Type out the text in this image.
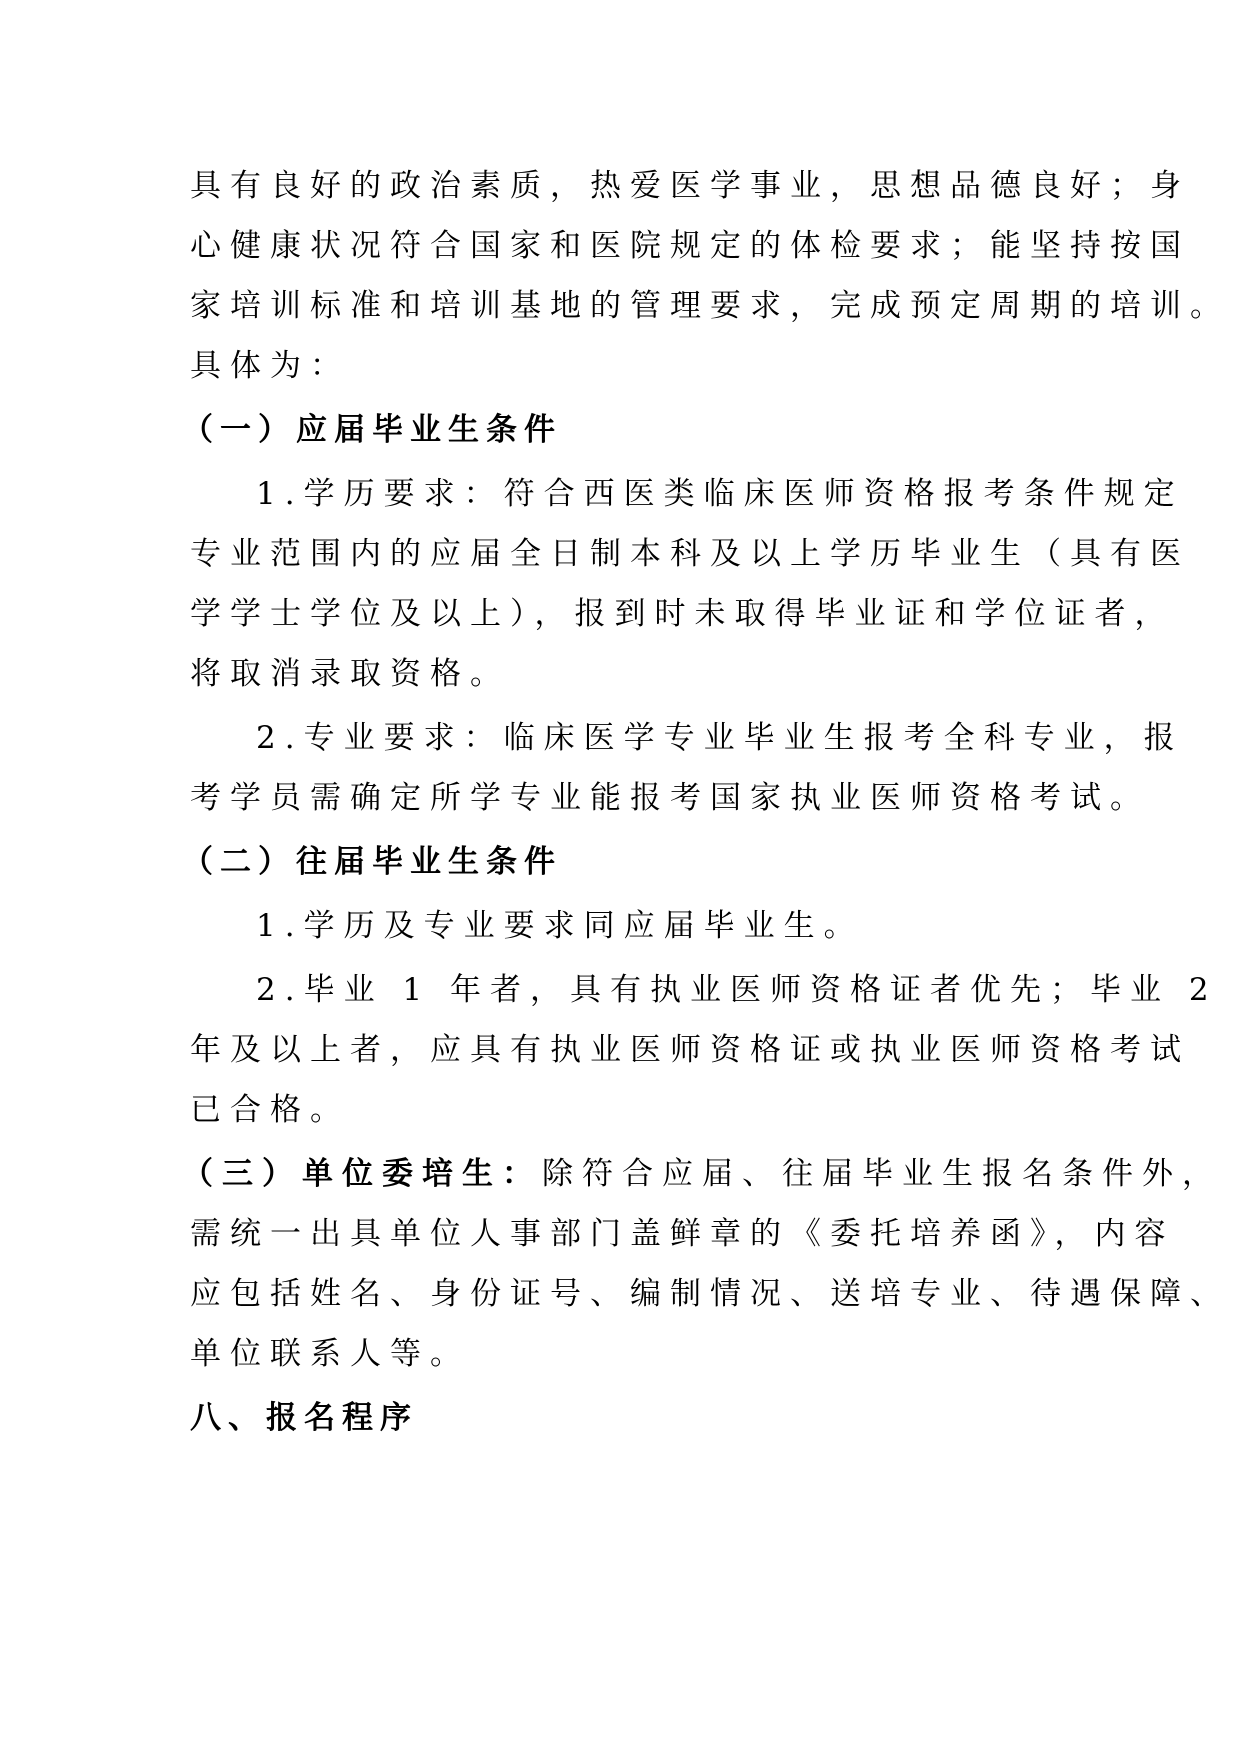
具有良好的政治素质，热爱医学事业，思想品德良好；身
心健康状况符合国家和医院规定的体检要求；能坚持按国
家培训标准和培训基地的管理要求，完成预定周期的培训。
具体为：
（一）应届毕业生条件
1.学历要求：符合西医类临床医师资格报考条件规定
专业范围内的应届全日制本科及以上学历毕业生（具有医
学学士学位及以上），报到时未取得毕业证和学位证者，
将取消录取资格。
2.专业要求：临床医学专业毕业生报考全科专业，报
考学员需确定所学专业能报考国家执业医师资格考试。
（二）往届毕业生条件
1.学历及专业要求同应届毕业生。
2.毕业 1 年者，具有执业医师资格证者优先；毕业 2
年及以上者，应具有执业医师资格证或执业医师资格考试
已合格。
（三）单位委培生：除符合应届、往届毕业生报名条件外，
需统一出具单位人事部门盖鲜章的《委托培养函》，内容
应包括姓名、身份证号、编制情况、送培专业、待遇保障、
单位联系人等。
八、报名程序
